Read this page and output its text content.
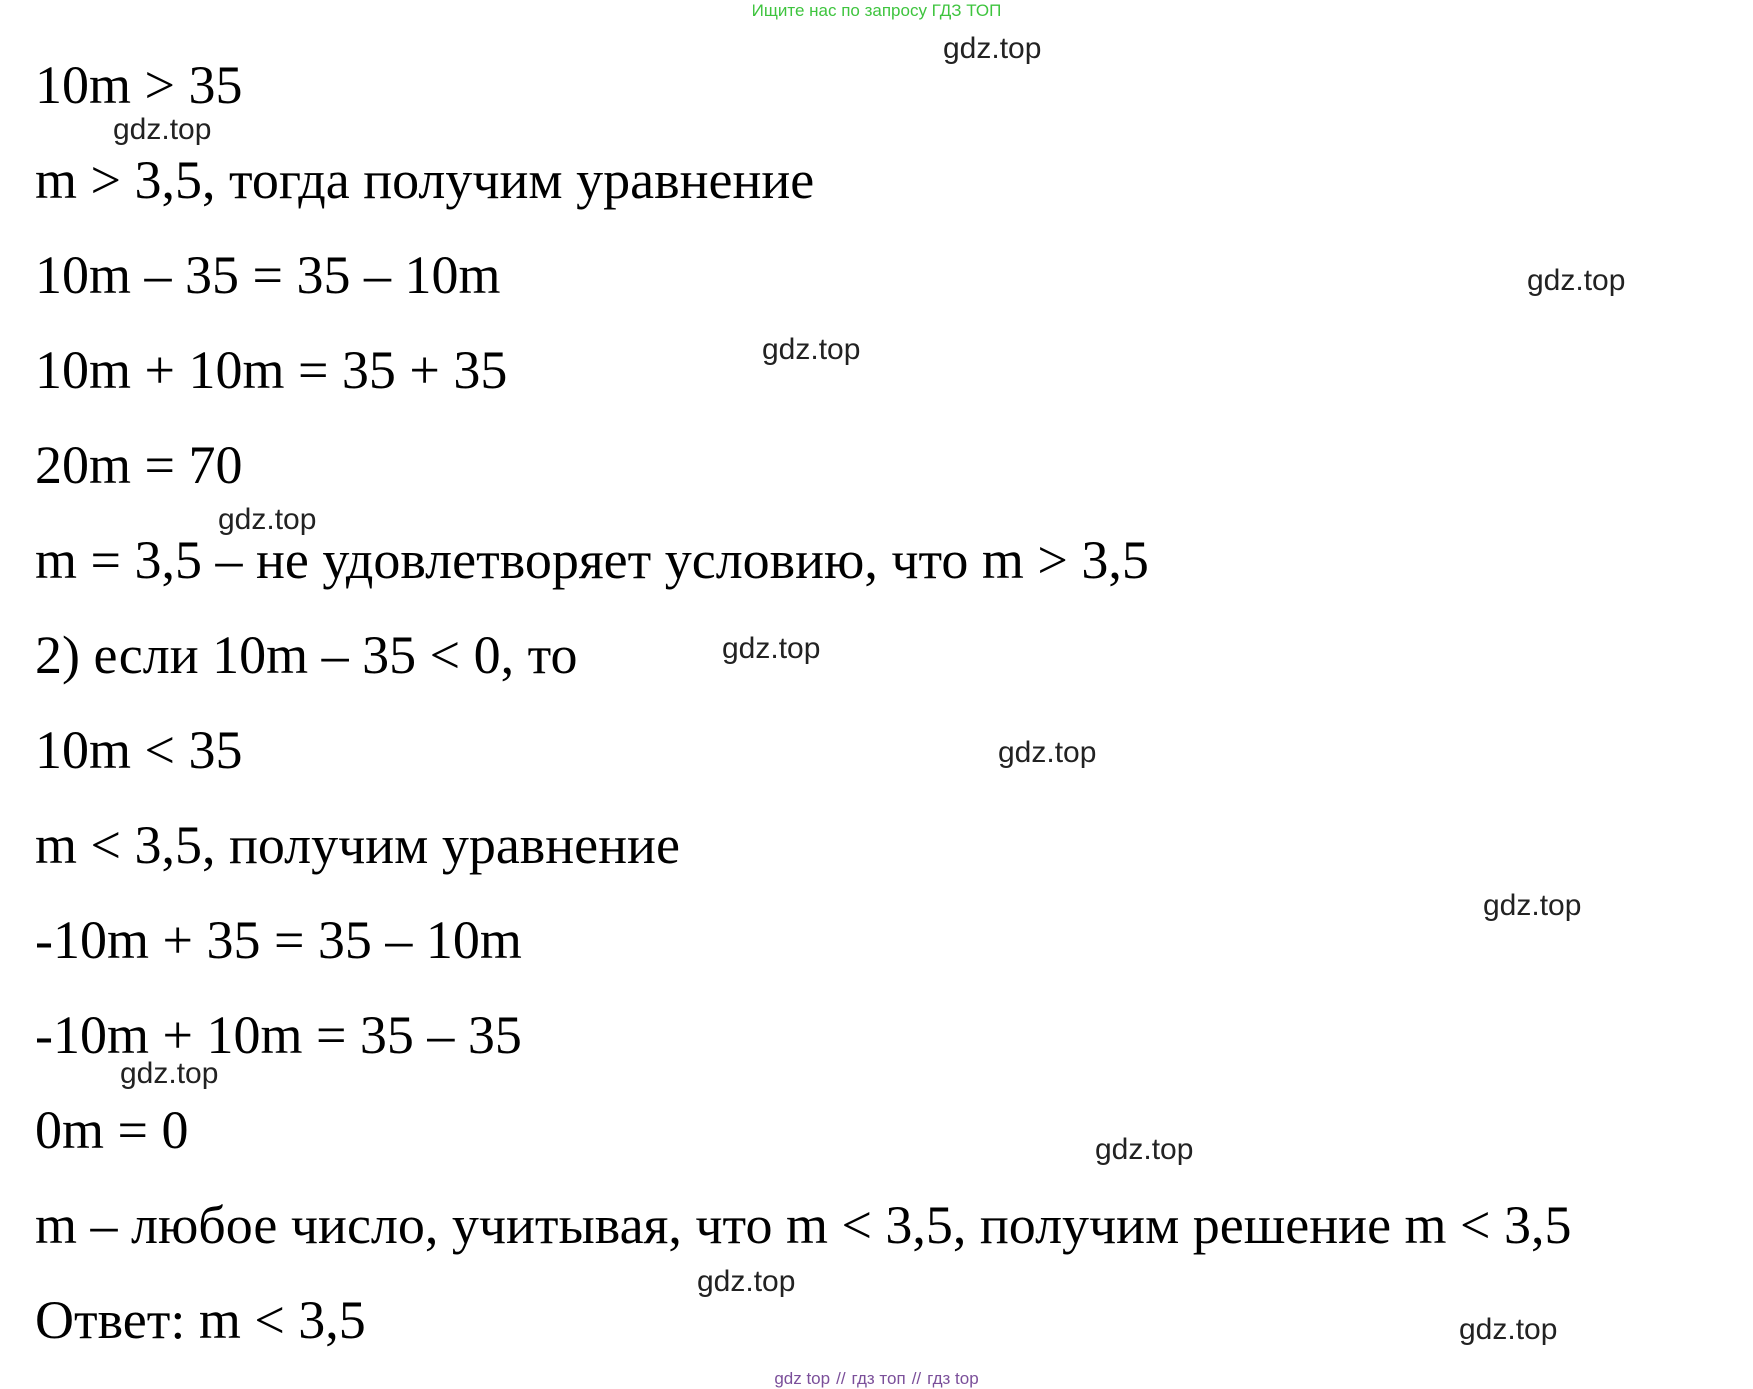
Ищите нас по запросу ГДЗ ТОП
10m > 35
m > 3,5, тогда получим уравнение
10m – 35 = 35 – 10m
10m + 10m = 35 + 35
20m = 70
m = 3,5 – не удовлетворяет условию, что m > 3,5
2) если 10m – 35 < 0, то
10m < 35
m < 3,5, получим уравнение
-10m + 35 = 35 – 10m
-10m + 10m = 35 – 35
0m = 0
m – любое число, учитывая, что m < 3,5, получим решение m < 3,5
Ответ: m < 3,5
gdz.top
gdz.top
gdz.top
gdz.top
gdz.top
gdz.top
gdz.top
gdz.top
gdz.top
gdz.top
gdz.top
gdz.top
gdz top // гдз топ // гдз top
